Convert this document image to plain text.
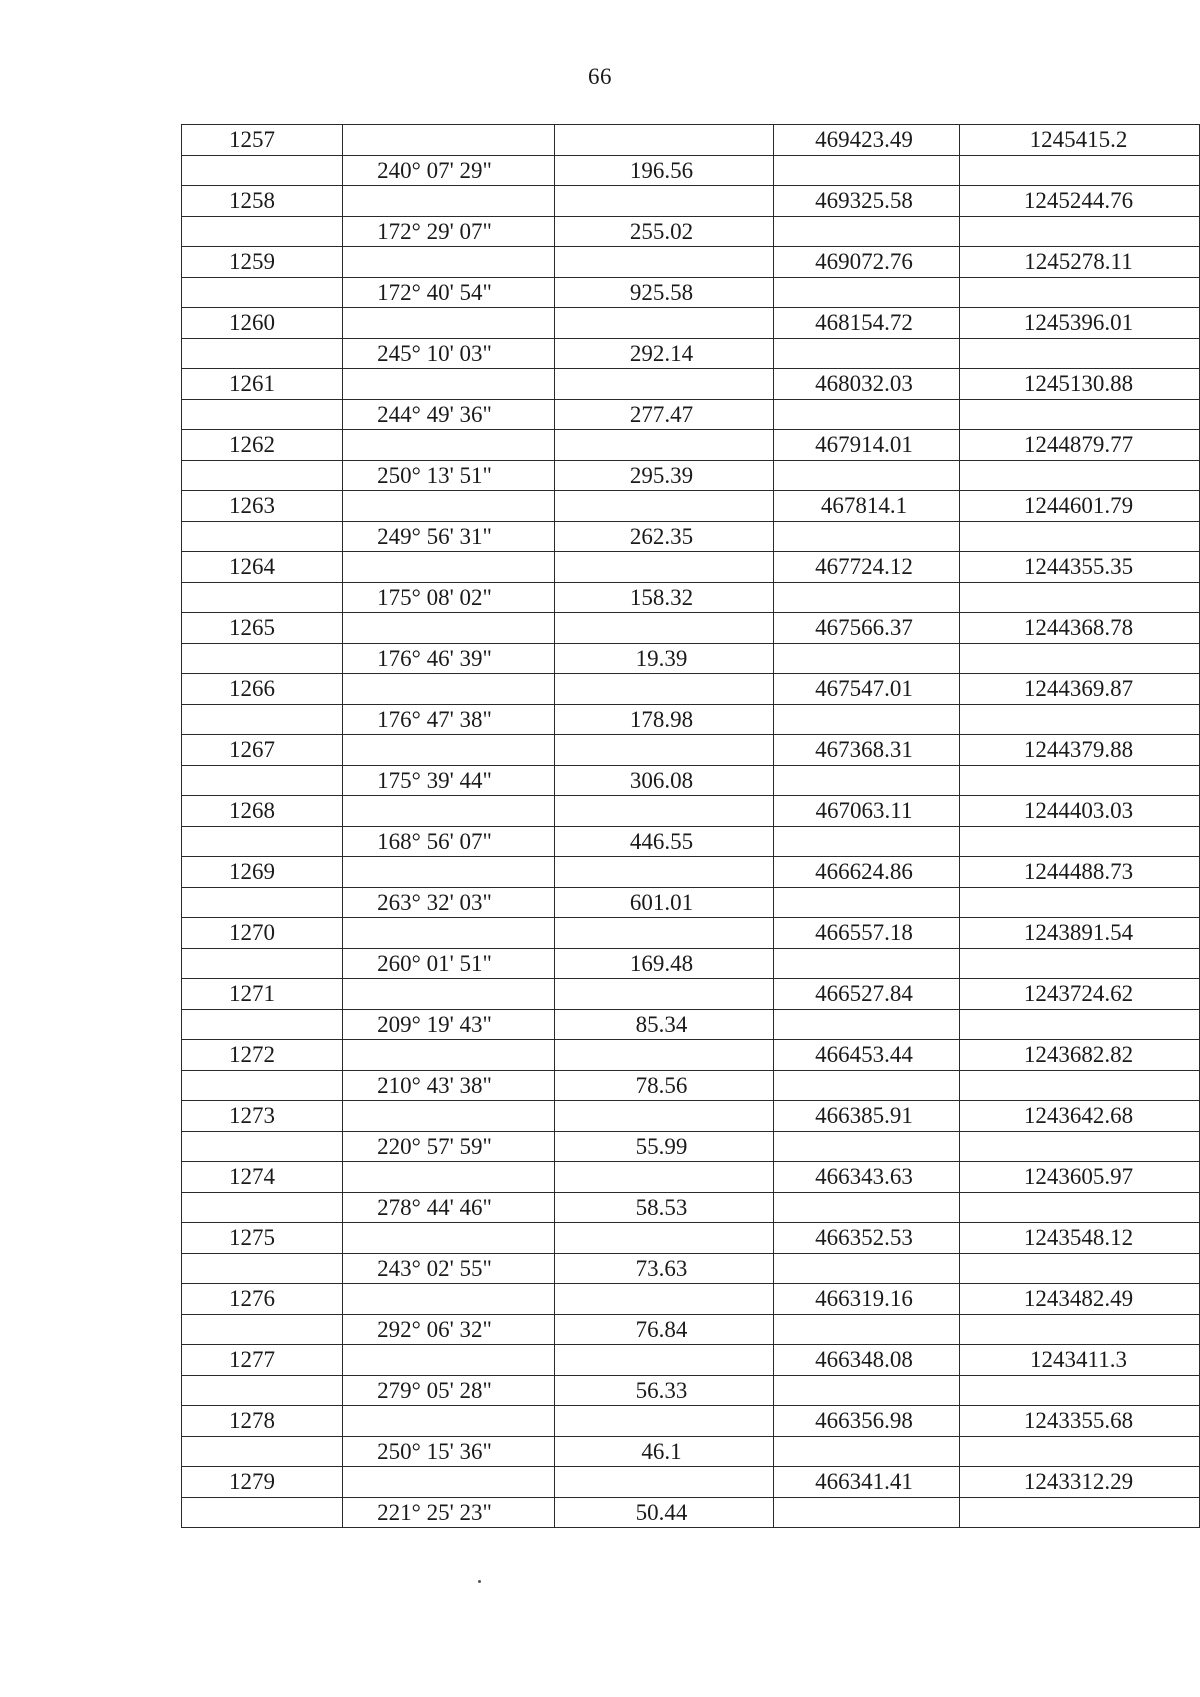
66
1257			469423.49	1245415.2
	240° 07' 29"	196.56		
1258			469325.58	1245244.76
	172° 29' 07"	255.02		
1259			469072.76	1245278.11
	172° 40' 54"	925.58		
1260			468154.72	1245396.01
	245° 10' 03"	292.14		
1261			468032.03	1245130.88
	244° 49' 36"	277.47		
1262			467914.01	1244879.77
	250° 13' 51"	295.39		
1263			467814.1	1244601.79
	249° 56' 31"	262.35		
1264			467724.12	1244355.35
	175° 08' 02"	158.32		
1265			467566.37	1244368.78
	176° 46' 39"	19.39		
1266			467547.01	1244369.87
	176° 47' 38"	178.98		
1267			467368.31	1244379.88
	175° 39' 44"	306.08		
1268			467063.11	1244403.03
	168° 56' 07"	446.55		
1269			466624.86	1244488.73
	263° 32' 03"	601.01		
1270			466557.18	1243891.54
	260° 01' 51"	169.48		
1271			466527.84	1243724.62
	209° 19' 43"	85.34		
1272			466453.44	1243682.82
	210° 43' 38"	78.56		
1273			466385.91	1243642.68
	220° 57' 59"	55.99		
1274			466343.63	1243605.97
	278° 44' 46"	58.53		
1275			466352.53	1243548.12
	243° 02' 55"	73.63		
1276			466319.16	1243482.49
	292° 06' 32"	76.84		
1277			466348.08	1243411.3
	279° 05' 28"	56.33		
1278			466356.98	1243355.68
	250° 15' 36"	46.1		
1279			466341.41	1243312.29
	221° 25' 23"	50.44		
